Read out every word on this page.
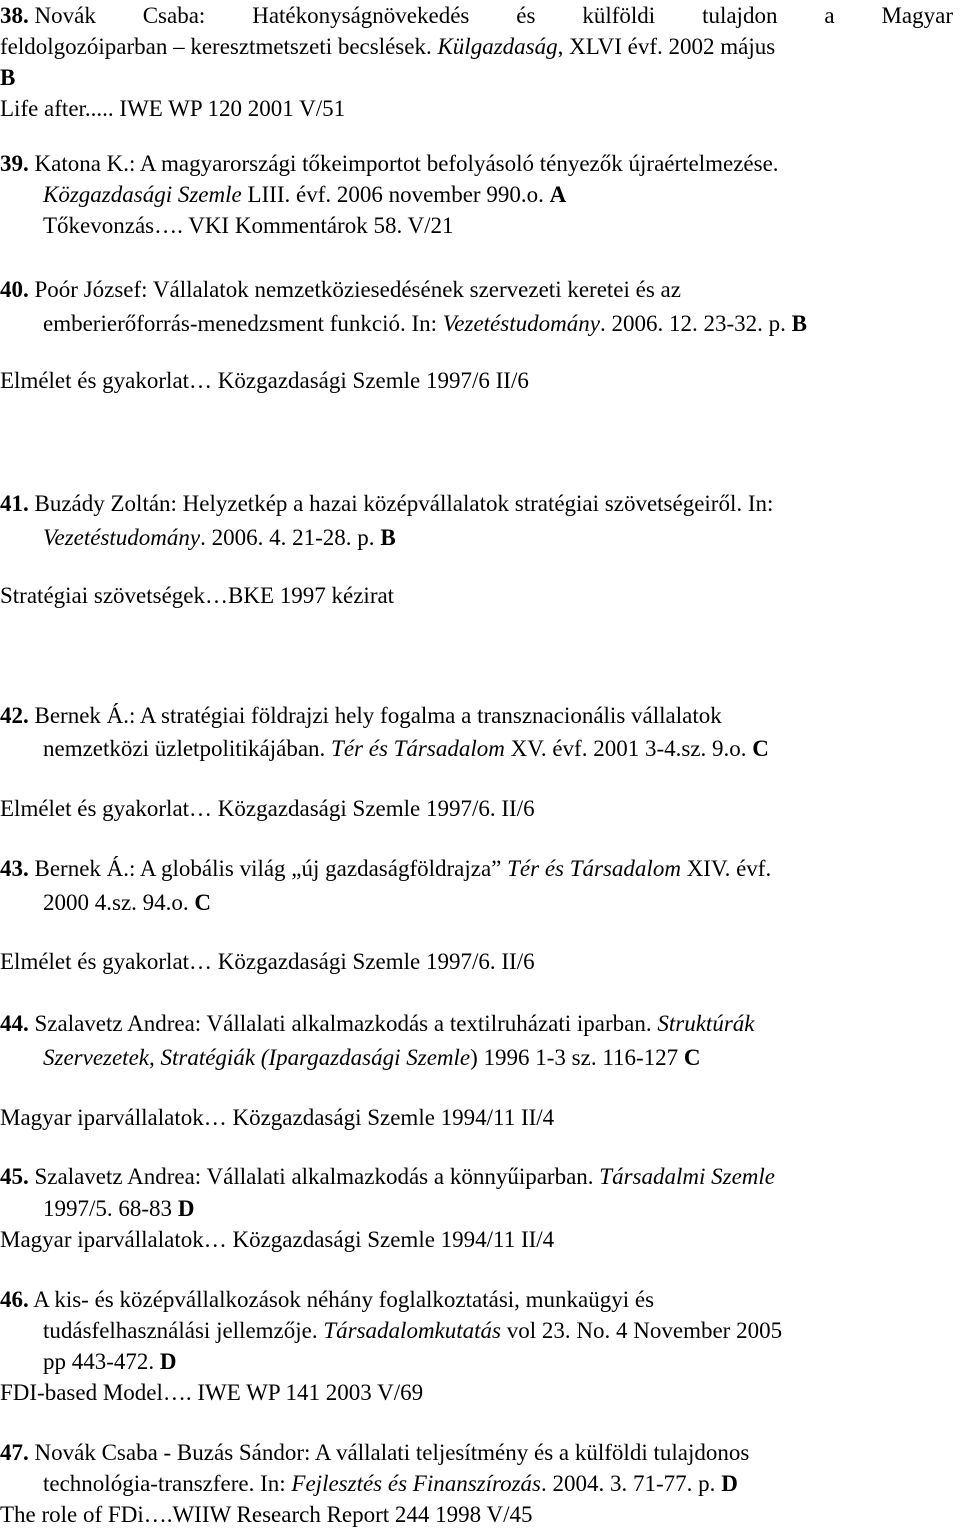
38. Novák Csaba: Hatékonyságnövekedés és külföldi tulajdon a Magyar
feldolgozóiparban – keresztmetszeti becslések. Külgazdaság, XLVI évf. 2002 május
B
Life after..... IWE WP 120 2001 V/51
39. Katona K.: A magyarországi tőkeimportot befolyásoló tényezők újraértelmezése.
Közgazdasági Szemle LIII. évf. 2006 november 990.o. A
Tőkevonzás…. VKI Kommentárok 58. V/21
40. Poór József: Vállalatok nemzetköziesedésének szervezeti keretei és az
emberierőforrás-menedzsment funkció. In: Vezetéstudomány. 2006. 12. 23-32. p. B
Elmélet és gyakorlat… Közgazdasági Szemle 1997/6 II/6
41. Buzády Zoltán: Helyzetkép a hazai középvállalatok stratégiai szövetségeiről. In:
Vezetéstudomány. 2006. 4. 21-28. p. B
Stratégiai szövetségek…BKE 1997 kézirat
42. Bernek Á.: A stratégiai földrajzi hely fogalma a transznacionális vállalatok
nemzetközi üzletpolitikájában. Tér és Társadalom XV. évf. 2001 3-4.sz. 9.o. C
Elmélet és gyakorlat… Közgazdasági Szemle 1997/6. II/6
43. Bernek Á.: A globális világ „új gazdaságföldrajza” Tér és Társadalom XIV. évf.
2000 4.sz. 94.o. C
Elmélet és gyakorlat… Közgazdasági Szemle 1997/6. II/6
44. Szalavetz Andrea: Vállalati alkalmazkodás a textilruházati iparban. Struktúrák
Szervezetek, Stratégiák (Ipargazdasági Szemle) 1996 1-3 sz. 116-127 C
Magyar iparvállalatok… Közgazdasági Szemle 1994/11 II/4
45. Szalavetz Andrea: Vállalati alkalmazkodás a könnyűiparban. Társadalmi Szemle
1997/5. 68-83 D
Magyar iparvállalatok… Közgazdasági Szemle 1994/11 II/4
46. A kis- és középvállalkozások néhány foglalkoztatási, munkaügyi és
tudásfelhasználási jellemzője. Társadalomkutatás vol 23. No. 4 November 2005
pp 443-472. D
FDI-based Model…. IWE WP 141 2003 V/69
47. Novák Csaba - Buzás Sándor: A vállalati teljesítmény és a külföldi tulajdonos
technológia-transzfere. In: Fejlesztés és Finanszírozás. 2004. 3. 71-77. p. D
The role of FDi….WIIW Research Report 244 1998 V/45
